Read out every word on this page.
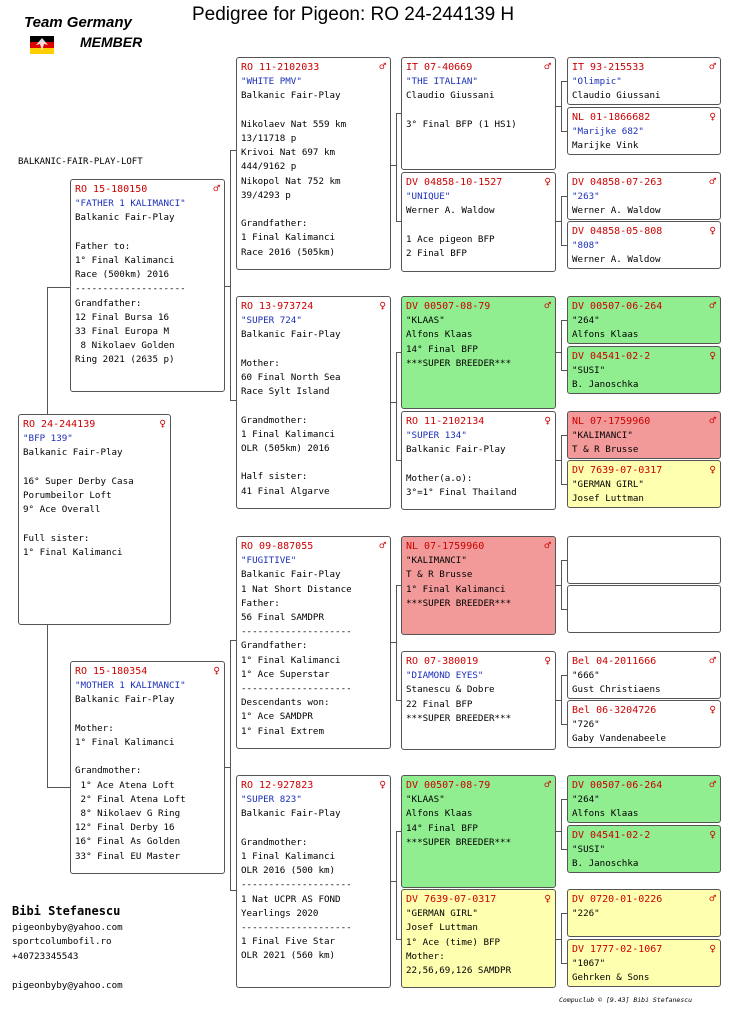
Pedigree for Pigeon: RO 24-244139 H
Team Germany
MEMBER
BALKANIC-FAIR-PLAY-LOFT
RO 24-244139	♀
"BFP 139"
Balkanic Fair-Play
16° Super Derby Casa
Porumbeilor Loft
9° Ace Overall
Full sister:
1° Final Kalimanci
RO 15-180150	♂
"FATHER 1 KALIMANCI"
Balkanic Fair-Play
Father to:
1° Final Kalimanci
Race (500km) 2016
--------------------
Grandfather:
12 Final Bursa 16
33 Final Europa M
8 Nikolaev Golden
Ring 2021 (2635 p)
RO 15-180354	♀
"MOTHER 1 KALIMANCI"
Balkanic Fair-Play
Mother:
1° Final Kalimanci
Grandmother:
1° Ace Atena Loft
2° Final Atena Loft
8° Nikolaev G Ring
12° Final Derby 16
16° Final As Golden
33° Final EU Master
RO 11-2102033	♂
"WHITE PMV"
Balkanic Fair-Play
Nikolaev Nat 559 km
13/11718 p
Krivoi Nat 697 km
444/9162 p
Nikopol Nat 752 km
39/4293 p
Grandfather:
1 Final Kalimanci
Race 2016 (505km)
RO 13-973724	♀
"SUPER 724"
Balkanic Fair-Play
Mother:
60 Final North Sea
Race Sylt Island
Grandmother:
1 Final Kalimanci
OLR (505km) 2016
Half sister:
41 Final Algarve
RO 09-887055	♂
"FUGITIVE"
Balkanic Fair-Play
1 Nat Short Distance
Father:
56 Final SAMDPR
--------------------
Grandfather:
1° Final Kalimanci
1° Ace Superstar
--------------------
Descendants won:
1° Ace SAMDPR
1° Final Extrem
RO 12-927823	♀
"SUPER 823"
Balkanic Fair-Play
Grandmother:
1 Final Kalimanci
OLR 2016 (500 km)
--------------------
1 Nat UCPR AS FOND
Yearlings 2020
--------------------
1 Final Five Star
OLR 2021 (560 km)
IT 07-40669	♂
"THE ITALIAN"
Claudio Giussani
3° Final BFP (1 HS1)
DV 04858-10-1527	♀
"UNIQUE"
Werner A. Waldow
1 Ace pigeon BFP
2 Final BFP
DV 00507-08-79	♂
"KLAAS"
Alfons Klaas
14° Final BFP
***SUPER BREEDER***
RO 11-2102134	♀
"SUPER 134"
Balkanic Fair-Play
Mother(a.o):
3°=1° Final Thailand
NL 07-1759960	♂
"KALIMANCI"
T & R Brusse
1° Final Kalimanci
***SUPER BREEDER***
RO 07-380019	♀
"DIAMOND EYES"
Stanescu & Dobre
22 Final BFP
***SUPER BREEDER***
DV 00507-08-79	♂
"KLAAS"
Alfons Klaas
14° Final BFP
***SUPER BREEDER***
DV 7639-07-0317	♀
"GERMAN GIRL"
Josef Luttman
1° Ace (time) BFP
Mother:
22,56,69,126 SAMDPR
IT 93-215533	♂
"Olimpic"
Claudio Giussani
NL 01-1866682	♀
"Marijke 682"
Marijke Vink
DV 04858-07-263	♂
"263"
Werner A. Waldow
DV 04858-05-808	♀
"808"
Werner A. Waldow
DV 00507-06-264	♂
"264"
Alfons Klaas
DV 04541-02-2	♀
"SUSI"
B. Janoschka
NL 07-1759960	♂
"KALIMANCI"
T & R Brusse
DV 7639-07-0317	♀
"GERMAN GIRL"
Josef Luttman
Bel 04-2011666	♂
"666"
Gust Christiaens
Bel 06-3204726	♀
"726"
Gaby Vandenabeele
DV 00507-06-264	♂
"264"
Alfons Klaas
DV 04541-02-2	♀
"SUSI"
B. Janoschka
DV 0720-01-0226	♂
"226"
DV 1777-02-1067	♀
"1067"
Gehrken & Sons
Bibi Stefanescu
pigeonbyby@yahoo.com
sportcolumbofil.ro
+40723345543
pigeonbyby@yahoo.com
Compuclub © [9.43] Bibi Stefanescu
